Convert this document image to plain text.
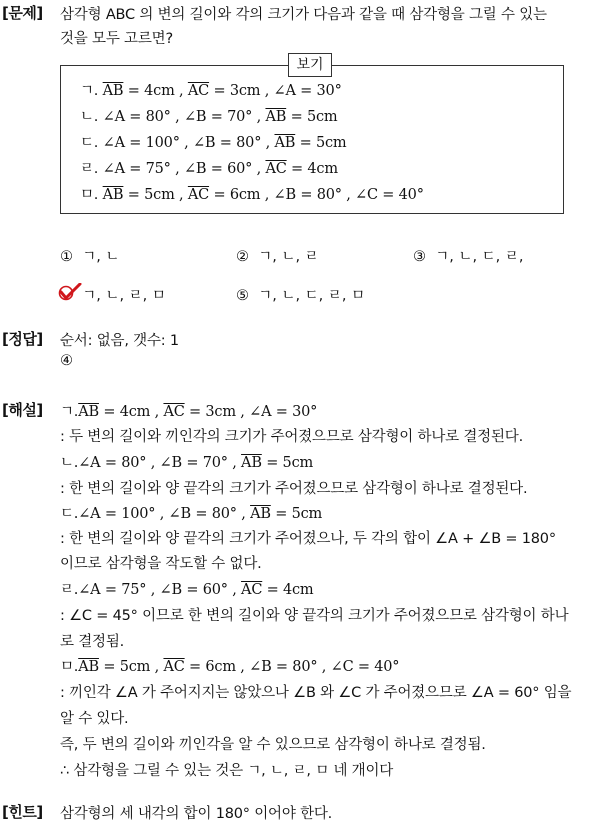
[문제] 삼각형 ABC 의 변의 길이와 각의 크기가 다음과 같을 때 삼각형을 그릴 수 있는
것을 모두 고르면?
보기
ㄱ. $\overline{AB} = 4cm$ , $\overline{AC} = 3cm$ , ∠A = 30°
ㄴ. ∠A = 80° , ∠B = 70° , $\overline{AB} = 5cm$
ㄷ. ∠A = 100° , ∠B = 80° , $\overline{AB} = 5cm$
ㄹ. ∠A = 75° , ∠B = 60° , $\overline{AC} = 4cm$
ㅁ. $\overline{AB} = 5cm$ , $\overline{AC} = 6cm$ , ∠B = 80° , ∠C = 40°
① ㄱ, ㄴ	② ㄱ, ㄴ, ㄹ	③ ㄱ, ㄴ, ㄷ, ㄹ,
ㄱ, ㄴ, ㄹ, ㅁ	⑤ ㄱ, ㄴ, ㄷ, ㄹ, ㅁ
[정답] 순서: 없음, 갯수: 1
④
[해설] ㄱ$.\overline{AB} = 4cm$ , $\overline{AC} = 3cm$ , ∠A = 30°
: 두 변의 길이와 끼인각의 크기가 주어졌으므로 삼각형이 하나로 결정된다.
ㄴ.∠A = 80° , ∠B = 70° , $\overline{AB} = 5cm$
: 한 변의 길이와 양 끝각의 크기가 주어졌으므로 삼각형이 하나로 결정된다.
ㄷ.∠A = 100° , ∠B = 80° , $\overline{AB} = 5cm$
: 한 변의 길이와 양 끝각의 크기가 주어졌으나, 두 각의 합이 ∠A + ∠B = 180°
이므로 삼각형을 작도할 수 없다.
ㄹ.∠A = 75° , ∠B = 60° , $\overline{AC} = 4cm$
: ∠C = 45° 이므로 한 변의 길이와 양 끝각의 크기가 주어졌으므로 삼각형이 하나
로 결정됨.
ㅁ$.\overline{AB} = 5cm$ , $\overline{AC} = 6cm$ , ∠B = 80° , ∠C = 40°
: 끼인각 ∠A 가 주어지지는 않았으나 ∠B 와 ∠C 가 주어졌으므로 ∠A = 60° 임을
알 수 있다.
즉, 두 변의 길이와 끼인각을 알 수 있으므로 삼각형이 하나로 결정됨.
∴ 삼각형을 그릴 수 있는 것은 ㄱ, ㄴ, ㄹ, ㅁ 네 개이다
[힌트] 삼각형의 세 내각의 합이 180° 이어야 한다.
